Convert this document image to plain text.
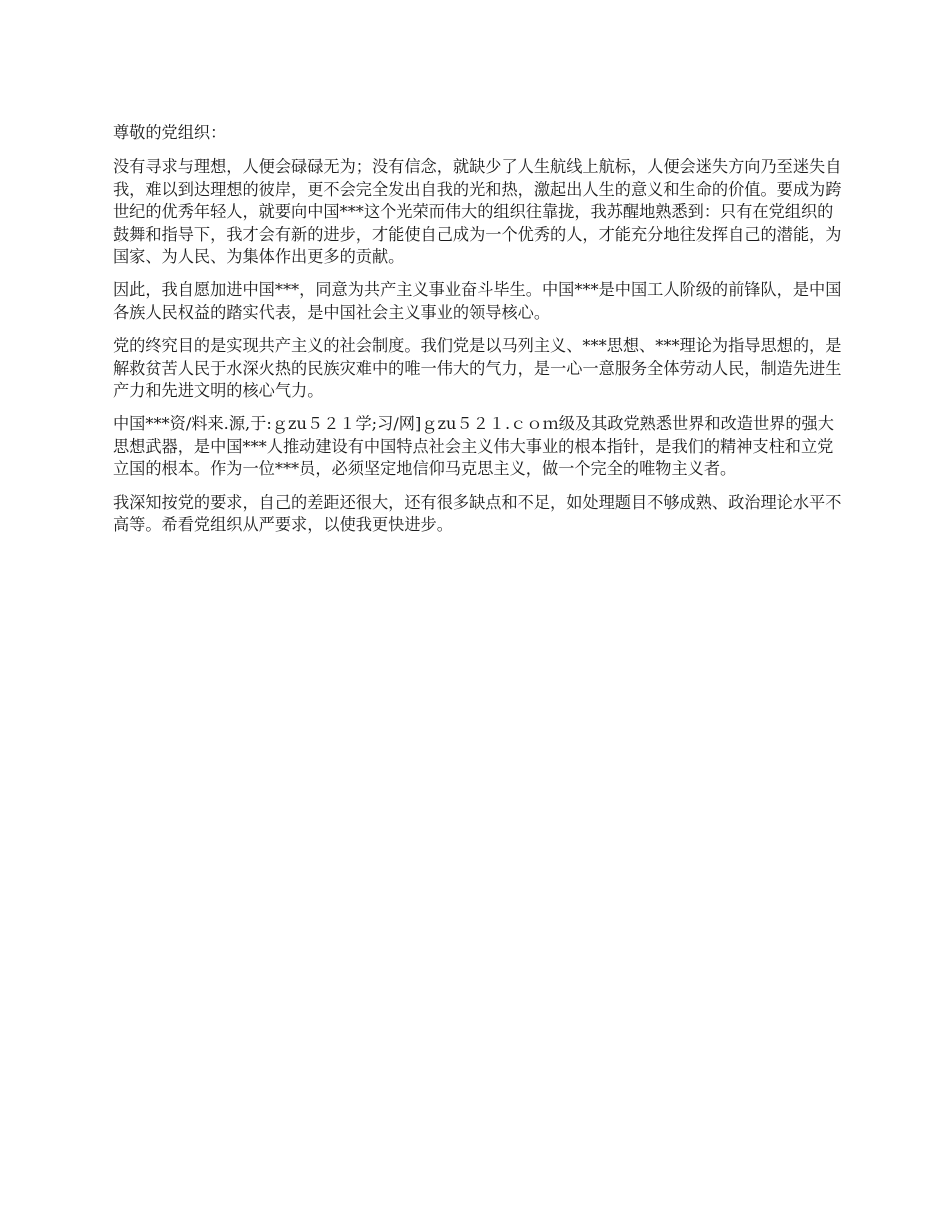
尊敬的党组织：

没有寻求与理想，人便会碌碌无为；没有信念，就缺少了人生航线上航标，人便会迷失方向乃至迷失自我，难以到达理想的彼岸，更不会完全发出自我的光和热，激起出人生的意义和生命的价值。要成为跨世纪的优秀年轻人，就要向中国***这个光荣而伟大的组织往靠拢，我苏醒地熟悉到：只有在党组织的鼓舞和指导下，我才会有新的进步，才能使自己成为一个优秀的人，才能充分地往发挥自己的潜能，为国家、为人民、为集体作出更多的贡献。

因此，我自愿加进中国***，同意为共产主义事业奋斗毕生。中国***是中国工人阶级的前锋队，是中国各族人民权益的踏实代表，是中国社会主义事业的领导核心。

党的终究目的是实现共产主义的社会制度。我们党是以马列主义、***思想、***理论为指导思想的，是解救贫苦人民于水深火热的民族灾难中的唯一伟大的气力，是一心一意服务全体劳动人民，制造先进生产力和先进文明的核心气力。

中国***资/料来.源,于:ｇzu５２１学;习/网]ｇzu５２１.ｃｏｍ级及其政党熟悉世界和改造世界的强大思想武器，是中国***人推动建设有中国特点社会主义伟大事业的根本指针，是我们的精神支柱和立党立国的根本。作为一位***员，必须坚定地信仰马克思主义，做一个完全的唯物主义者。

我深知按党的要求，自己的差距还很大，还有很多缺点和不足，如处理题目不够成熟、政治理论水平不高等。希看党组织从严要求，以使我更快进步。
